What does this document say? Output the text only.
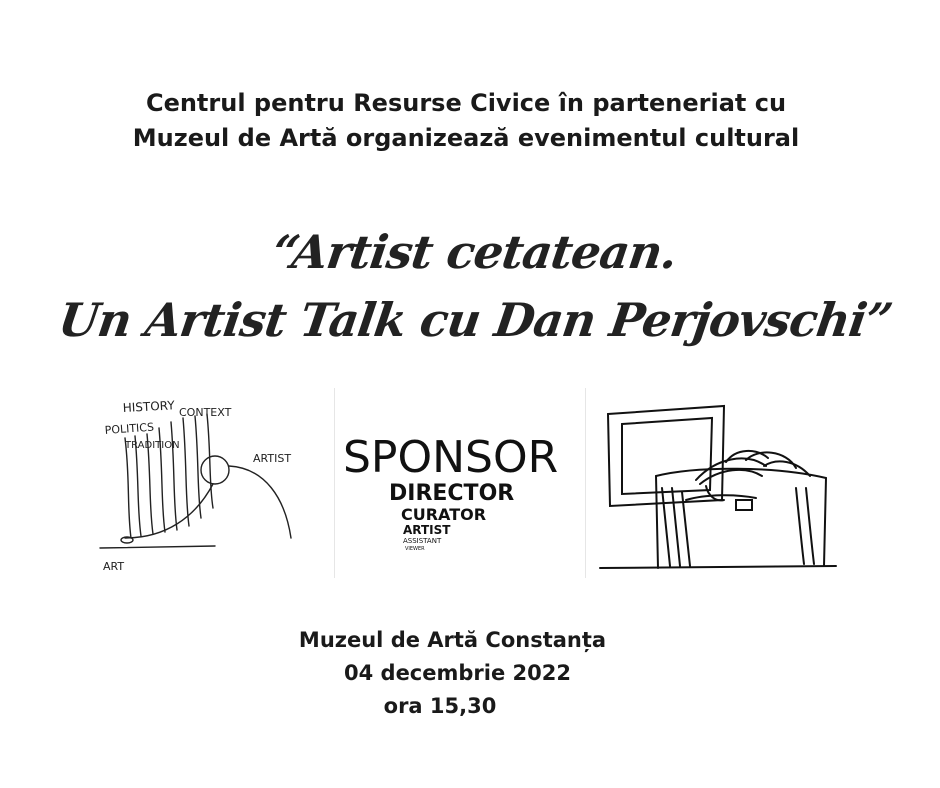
Centrul pentru Resurse Civice în parteneriat cu
Muzeul de Artă organizează evenimentul cultural
“Artist cetatean.
Un Artist Talk cu Dan Perjovschi”
HISTORY CONTEXT
POLITICS
TRADITION
ARTIST
ART
SPONSOR
DIRECTOR
CURATOR
ARTIST
ASSISTANT
VIEWER
Muzeul de Artă Constanța
04 decembrie 2022
ora 15,30
